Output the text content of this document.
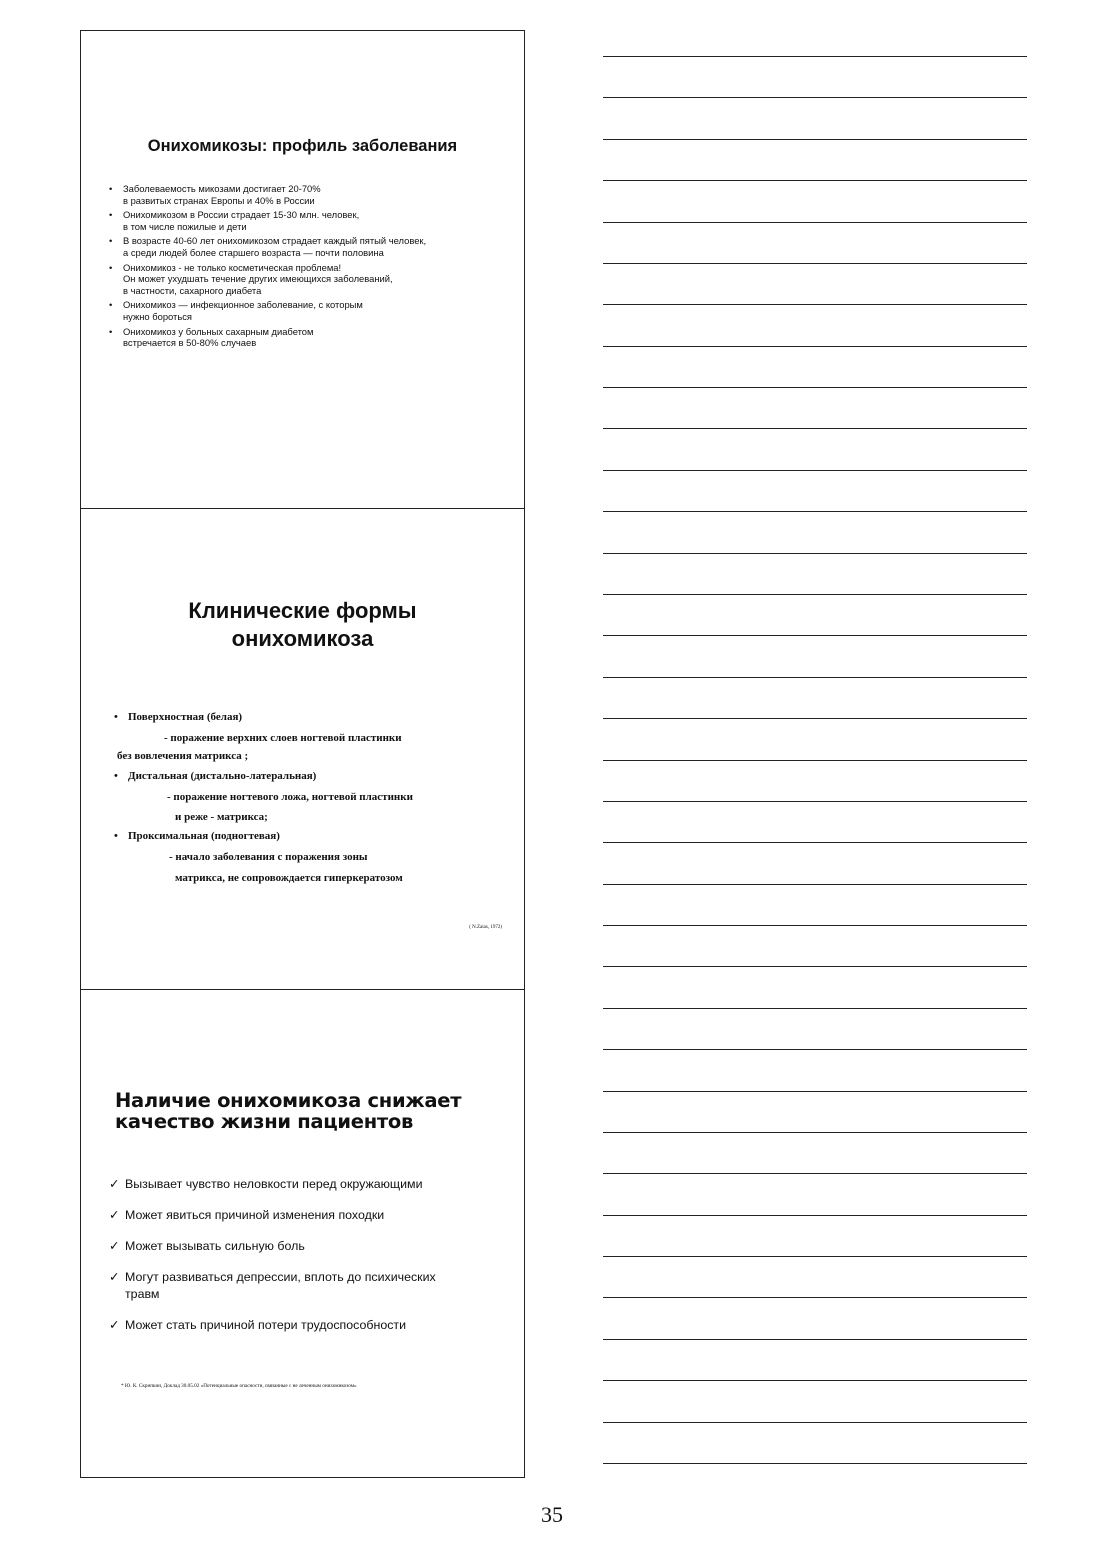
Онихомикозы: профиль заболевания
• Заболеваемость микозами достигает 20-70%
в развитых странах Европы и 40% в России
• Онихомикозом в России страдает 15-30 млн. человек,
в том числе пожилые и дети
• В возрасте 40-60 лет онихомикозом страдает каждый пятый человек,
а среди людей более старшего возраста — почти половина
• Онихомикоз - не только косметическая проблема!
Он может ухудшать течение других имеющихся заболеваний,
в частности, сахарного диабета
• Онихомикоз — инфекционное заболевание, с которым
нужно бороться
• Онихомикоз у больных сахарным диабетом
встречается в 50-80% случаев
Клинические формы
онихомикоза
• Поверхностная (белая)
- поражение верхних слоев ногтевой пластинки
без вовлечения матрикса ;
• Дистальная (дистально-латеральная)
- поражение ногтевого ложа, ногтевой пластинки
и реже - матрикса;
• Проксимальная (подногтевая)
- начало заболевания с поражения зоны
матрикса, не сопровождается гиперкератозом
( N.Zaias, 1972)
Наличие онихомикоза снижает
качество жизни пациентов
✓ Вызывает чувство неловкости перед окружающими
✓ Может явиться причиной изменения походки
✓ Может вызывать сильную боль
✓ Могут развиваться депрессии, вплоть до психических
травм
✓ Может стать причиной потери трудоспособности
* Ю. К. Скрипкин, Доклад 30.05.02 «Потенциальные опасности, связанные с не леченным онихомикозом»
35
